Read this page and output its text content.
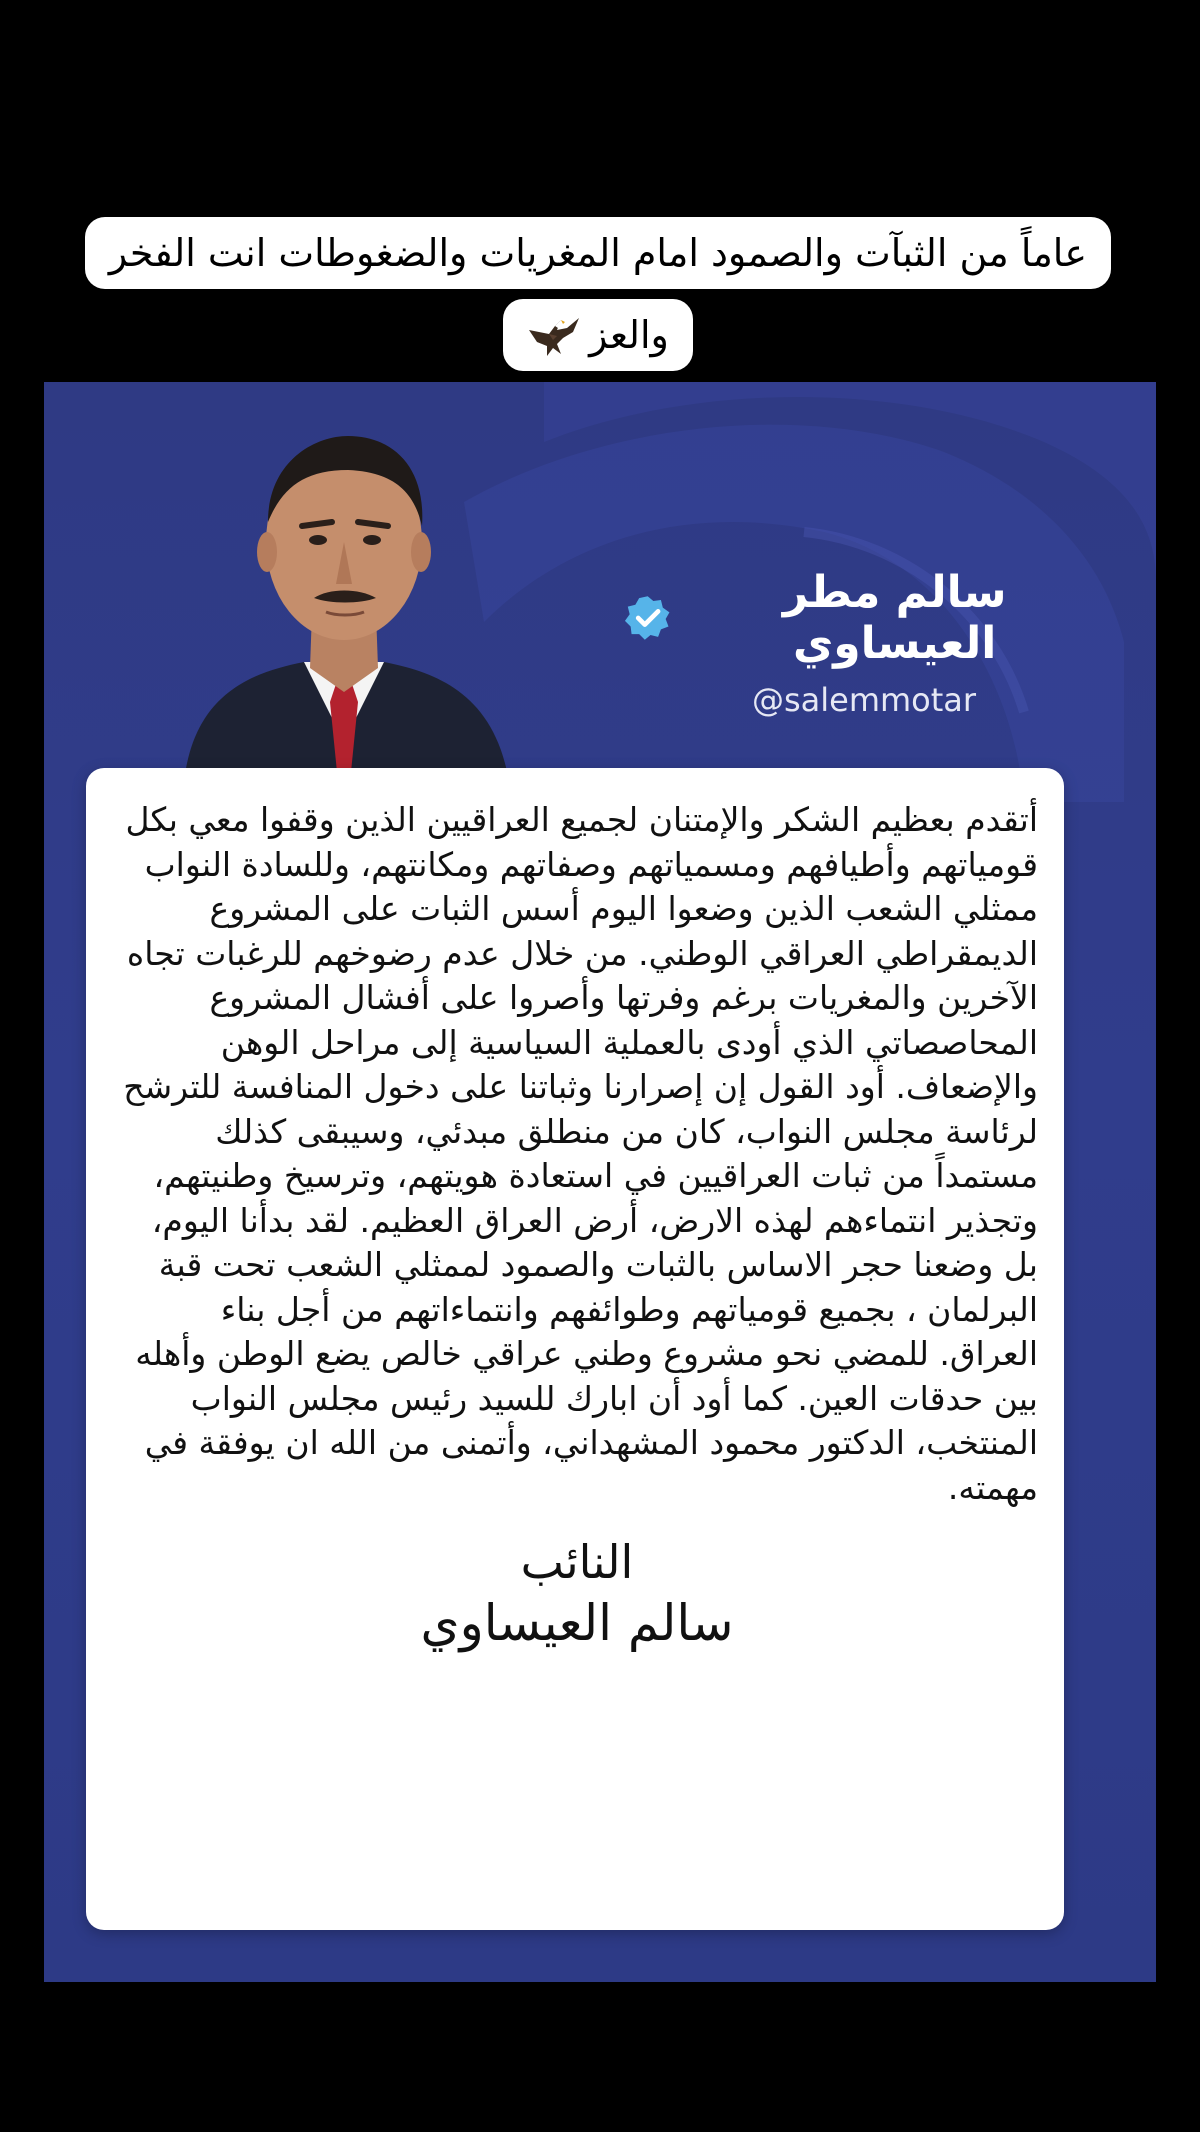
عاماً من الثبآت والصمود امام المغريات والضغوطات انت الفخر والعز
سالم مطر العيساوي
@salemmotar

أتقدم بعظيم الشكر والإمتنان لجميع العراقيين الذين وقفوا معي بكل قومياتهم وأطيافهم ومسمياتهم وصفاتهم ومكانتهم، وللسادة النواب ممثلي الشعب الذين وضعوا اليوم أسس الثبات على المشروع الديمقراطي العراقي الوطني. من خلال عدم رضوخهم للرغبات تجاه الآخرين والمغريات برغم وفرتها وأصروا على أفشال المشروع المحاصصاتي الذي أودى بالعملية السياسية إلى مراحل الوهن والإضعاف. أود القول إن إصرارنا وثباتنا على دخول المنافسة للترشح لرئاسة مجلس النواب، كان من منطلق مبدئي، وسيبقى كذلك مستمداً من ثبات العراقيين في استعادة هويتهم، وترسيخ وطنيتهم، وتجذير انتماءهم لهذه الارض، أرض العراق العظيم. لقد بدأنا اليوم، بل وضعنا حجر الاساس بالثبات والصمود لممثلي الشعب تحت قبة البرلمان ، بجميع قومياتهم وطوائفهم وانتماءاتهم من أجل بناء العراق. للمضي نحو مشروع وطني عراقي خالص يضع الوطن وأهله بين حدقات العين. كما أود أن ابارك للسيد رئيس مجلس النواب المنتخب، الدكتور محمود المشهداني، وأتمنى من الله ان يوفقة في مهمته.

النائب
سالم العيساوي
